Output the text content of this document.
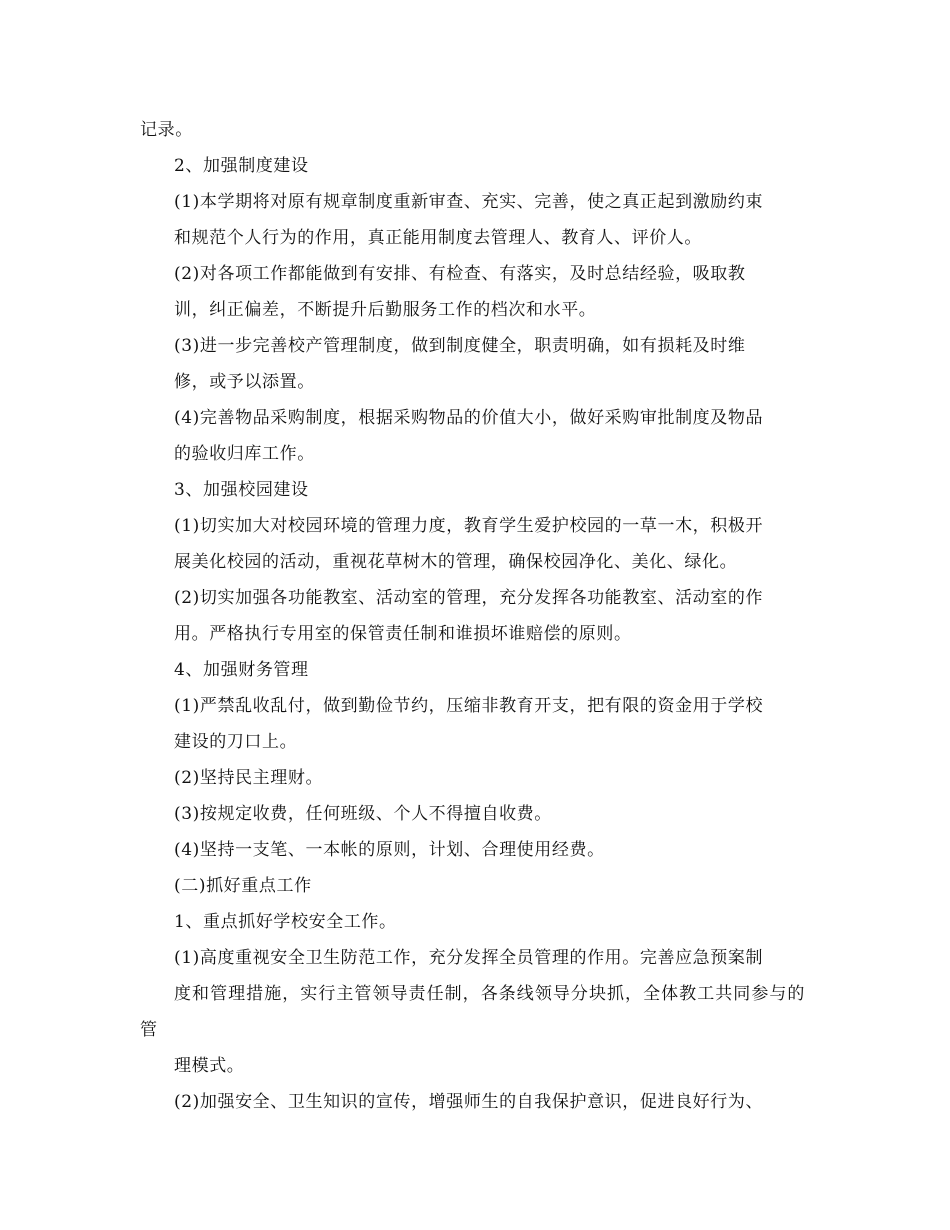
记录。

2、加强制度建设

(1)本学期将对原有规章制度重新审查、充实、完善，使之真正起到激励约束
和规范个人行为的作用，真正能用制度去管理人、教育人、评价人。

(2)对各项工作都能做到有安排、有检查、有落实，及时总结经验，吸取教
训，纠正偏差，不断提升后勤服务工作的档次和水平。

(3)进一步完善校产管理制度，做到制度健全，职责明确，如有损耗及时维
修，或予以添置。

(4)完善物品采购制度，根据采购物品的价值大小，做好采购审批制度及物品
的验收归库工作。

3、加强校园建设

(1)切实加大对校园环境的管理力度，教育学生爱护校园的一草一木，积极开
展美化校园的活动，重视花草树木的管理，确保校园净化、美化、绿化。

(2)切实加强各功能教室、活动室的管理，充分发挥各功能教室、活动室的作
用。严格执行专用室的保管责任制和谁损坏谁赔偿的原则。

4、加强财务管理

(1)严禁乱收乱付，做到勤俭节约，压缩非教育开支，把有限的资金用于学校
建设的刀口上。

(2)坚持民主理财。

(3)按规定收费，任何班级、个人不得擅自收费。

(4)坚持一支笔、一本帐的原则，计划、合理使用经费。

(二)抓好重点工作

1、重点抓好学校安全工作。

(1)高度重视安全卫生防范工作，充分发挥全员管理的作用。完善应急预案制
度和管理措施，实行主管领导责任制，各条线领导分块抓，全体教工共同参与的管
理模式。

(2)加强安全、卫生知识的宣传，增强师生的自我保护意识，促进良好行为、
